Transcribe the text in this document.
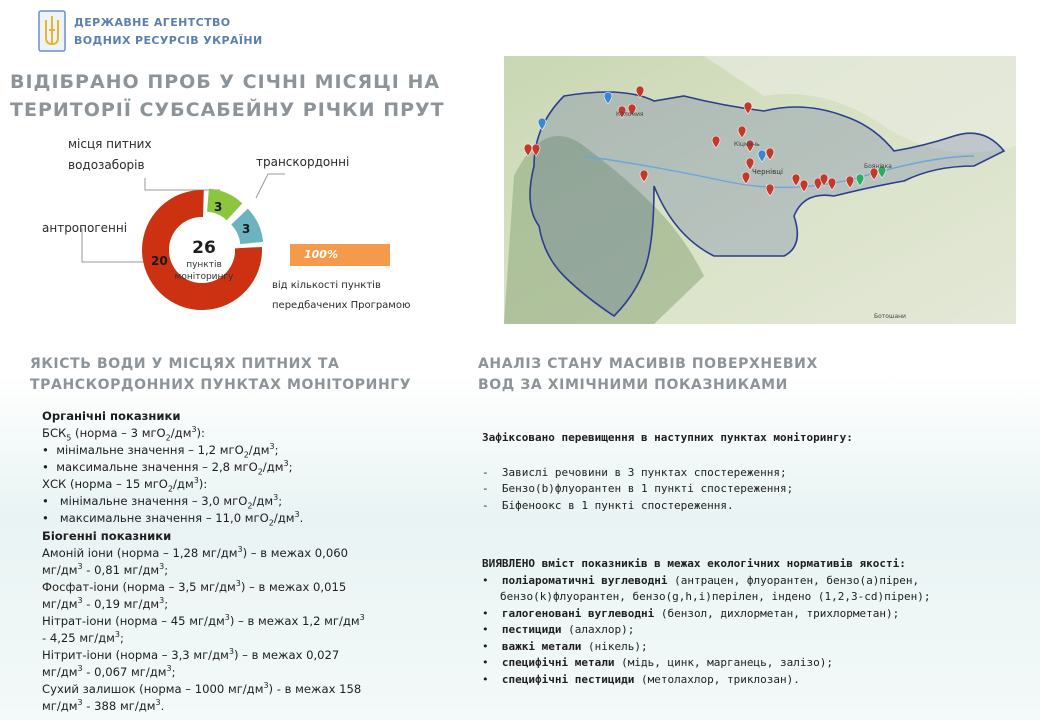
ДЕРЖАВНЕ АГЕНТСТВО
ВОДНИХ РЕСУРСІВ УКРАЇНИ
ВІДІБРАНО ПРОБ У СІЧНІ МІСЯЦІ НА
ТЕРИТОРІЇ СУБСАБЕЙНУ РІЧКИ ПРУТ
місця питних
водозаборів	транскордонні
антропогенні
26
пунктів
моніторингу
20
3
3
100%
від кількості пунктів
передбачених Програмою
Чернівці
Коломия
Кіцмань
Боянівка
Ботошани
ЯКІСТЬ ВОДИ У МІСЦЯХ ПИТНИХ ТА
ТРАНСКОРДОННИХ ПУНКТАХ МОНІТОРИНГУ
АНАЛІЗ СТАНУ МАСИВІВ ПОВЕРХНЕВИХ
ВОД ЗА ХІМІЧНИМИ ПОКАЗНИКАМИ
Органічні показники
$БСК_5$ (норма – 3 $мгО_2/дм^3$):
•  мінімальне значення – 1,2 $мгО_2/дм^3$;
•  максимальне значення – 2,8 $мгО_2/дм^3$;
ХСК (норма – 15 $мгО_2/дм^3$):
•   мінімальне значення – 3,0 $мгО_2/дм^3$;
•   максимальне значення – 11,0 $мгО_2/дм^3$.
Біогенні показники
Амоній іони (норма – 1,28 $мг/дм^3$) – в межах 0,060
$мг/дм^3 - 0,81$ $мг/дм^3$;
Фосфат-іони (норма – 3,5 $мг/дм^3$) – в межах 0,015
$мг/дм^3 - 0,19$ $мг/дм^3$;
Нітрат-іони (норма – 45 $мг/дм^3$) – в межах 1,2 $мг/дм^3$
- 4,25 $мг/дм^3$;
Нітрит-іони (норма – 3,3 $мг/дм^3$) – в межах 0,027
$мг/дм^3 - 0,067$ $мг/дм^3$;
Сухий залишок (норма – 1000 $мг/дм^3$) - в межах 158
$мг/дм^3 - 388$ $мг/дм^3$.
Зафіксовано перевищення в наступних пунктах моніторингу:
-  Завислі речовини в 3 пунктах спостереження;
-  Бензо(b)флуорантен в 1 пункті спостереження;
-  Біфеноокс в 1 пункті спостереження.
ВИЯВЛЕНО вміст показників в межах екологічних нормативів якості:
•  поліароматичні вуглеводні (антрацен, флуорантен, бензо(а)пірен,
бензо(k)флуорантен, бензо(g,h,i)перілен, індено (1,2,3-cd)пірен);
•  галогеновані вуглеводні (бензол, дихлорметан, трихлорметан);
•  пестициди (алахлор);
•  важкі метали (нікель);
•  специфічні метали (мідь, цинк, марганець, залізо);
•  специфічні пестициди (метолахлор, триклозан).
